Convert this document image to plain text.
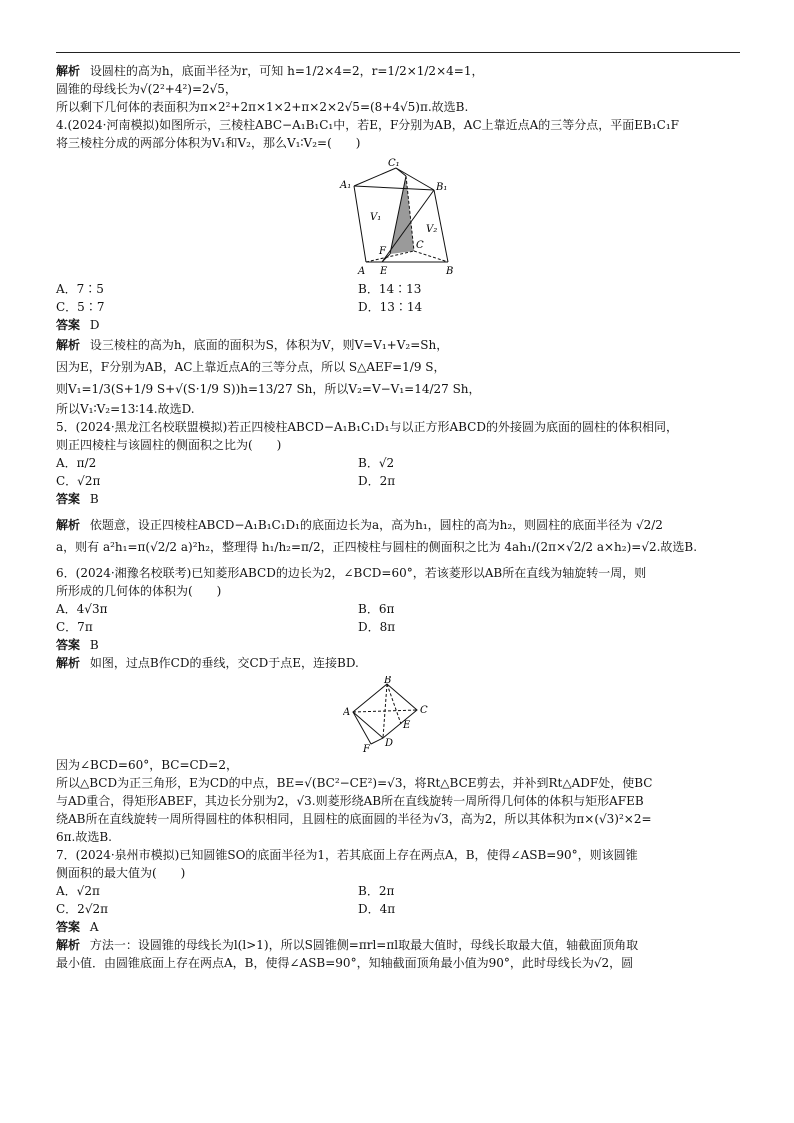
解析 设圆柱的高为h，底面半径为r，可知 h=1/2×4=2，r=1/2×1/2×4=1，
圆锥的母线长为√(2²+4²)=2√5，
所以剩下几何体的表面积为π×2²+2π×1×2+π×2×2√5=(8+4√5)π.故选B.
4.(2024·河南模拟)如图所示，三棱柱ABC−A₁B₁C₁中，若E，F分别为AB，AC上靠近点A的三等分点，平面EB₁C₁F
将三棱柱分成的两部分体积为V₁和V₂，那么V₁∶V₂=(　　)
C₁
A₁	B₁
V₁
V₂
C
F
A E	B
A．7∶5	B．14∶13
C．5∶7	D．13∶14
答案 D
解析 设三棱柱的高为h，底面的面积为S，体积为V，则V=V₁+V₂=Sh，
因为E，F分别为AB，AC上靠近点A的三等分点，所以 S△AEF=1/9 S，
则V₁=1/3(S+1/9 S+√(S·1/9 S))h=13/27 Sh，所以V₂=V−V₁=14/27 Sh，
所以V₁∶V₂=13∶14.故选D.
5．(2024·黑龙江名校联盟模拟)若正四棱柱ABCD−A₁B₁C₁D₁与以正方形ABCD的外接圆为底面的圆柱的体积相同，
则正四棱柱与该圆柱的侧面积之比为(　　)
A．π/2	B．√2
C．√2π	D．2π
答案 B
解析 依题意，设正四棱柱ABCD−A₁B₁C₁D₁的底面边长为a，高为h₁，圆柱的高为h₂，则圆柱的底面半径为 √2/2
a，则有 a²h₁=π(√2/2 a)²h₂，整理得 h₁/h₂=π/2，正四棱柱与圆柱的侧面积之比为 4ah₁/(2π×√2/2 a×h₂)=√2.故选B.
6．(2024·湘豫名校联考)已知菱形ABCD的边长为2，∠BCD=60°，若该菱形以AB所在直线为轴旋转一周，则
所形成的几何体的体积为(　　)
A．4√3π	B．6π
C．7π	D．8π
答案 B
解析 如图，过点B作CD的垂线，交CD于点E，连接BD.
B
A	C
E
D
F
因为∠BCD=60°，BC=CD=2，
所以△BCD为正三角形，E为CD的中点，BE=√(BC²−CE²)=√3，将Rt△BCE剪去，并补到Rt△ADF处，使BC
与AD重合，得矩形ABEF，其边长分别为2，√3.则菱形绕AB所在直线旋转一周所得几何体的体积与矩形AFEB
绕AB所在直线旋转一周所得圆柱的体积相同，且圆柱的底面圆的半径为√3，高为2，所以其体积为π×(√3)²×2=
6π.故选B.
7．(2024·泉州市模拟)已知圆锥SO的底面半径为1，若其底面上存在两点A，B，使得∠ASB=90°，则该圆锥
侧面积的最大值为(　　)
A．√2π	B．2π
C．2√2π	D．4π
答案 A
解析 方法一：设圆锥的母线长为l(l>1)，所以S圆锥侧=πrl=πl取最大值时，母线长取最大值，轴截面顶角取
最小值．由圆锥底面上存在两点A，B，使得∠ASB=90°，知轴截面顶角最小值为90°，此时母线长为√2，圆
